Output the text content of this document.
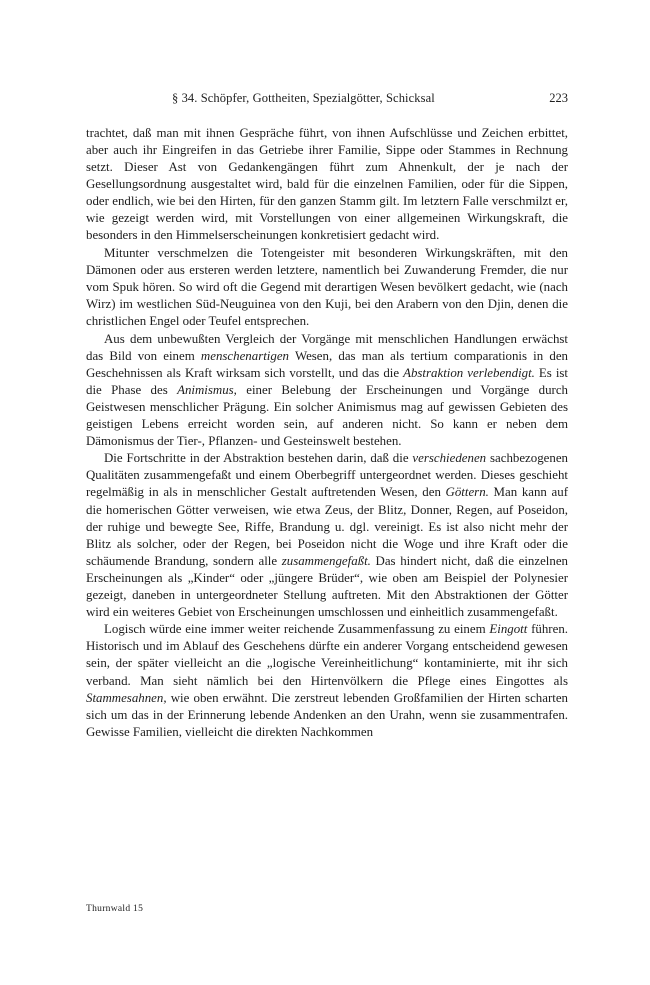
§ 34. Schöpfer, Gottheiten, Spezialgötter, Schicksal	223

trachtet, daß man mit ihnen Gespräche führt, von ihnen Aufschlüsse und Zeichen erbittet, aber auch ihr Eingreifen in das Getriebe ihrer Familie, Sippe oder Stammes in Rechnung setzt. Dieser Ast von Gedankengängen führt zum Ahnenkult, der je nach der Gesellungsordnung ausgestaltet wird, bald für die einzelnen Familien, oder für die Sippen, oder endlich, wie bei den Hirten, für den ganzen Stamm gilt. Im letztern Falle verschmilzt er, wie gezeigt werden wird, mit Vorstellungen von einer allgemeinen Wirkungskraft, die besonders in den Himmelserscheinungen konkretisiert gedacht wird.

Mitunter verschmelzen die Totengeister mit besonderen Wirkungskräften, mit den Dämonen oder aus ersteren werden letztere, namentlich bei Zuwanderung Fremder, die nur vom Spuk hören. So wird oft die Gegend mit derartigen Wesen bevölkert gedacht, wie (nach Wirz) im westlichen Süd-Neuguinea von den Kuji, bei den Arabern von den Djin, denen die christlichen Engel oder Teufel entsprechen.

Aus dem unbewußten Vergleich der Vorgänge mit menschlichen Handlungen erwächst das Bild von einem menschenartigen Wesen, das man als tertium comparationis in den Geschehnissen als Kraft wirksam sich vorstellt, und das die Abstraktion verlebendigt. Es ist die Phase des Animismus, einer Belebung der Erscheinungen und Vorgänge durch Geistwesen menschlicher Prägung. Ein solcher Animismus mag auf gewissen Gebieten des geistigen Lebens erreicht worden sein, auf anderen nicht. So kann er neben dem Dämonismus der Tier-, Pflanzen- und Gesteinswelt bestehen.

Die Fortschritte in der Abstraktion bestehen darin, daß die verschiedenen sachbezogenen Qualitäten zusammengefaßt und einem Oberbegriff untergeordnet werden. Dieses geschieht regelmäßig in als in menschlicher Gestalt auftretenden Wesen, den Göttern. Man kann auf die homerischen Götter verweisen, wie etwa Zeus, der Blitz, Donner, Regen, auf Poseidon, der ruhige und bewegte See, Riffe, Brandung u. dgl. vereinigt. Es ist also nicht mehr der Blitz als solcher, oder der Regen, bei Poseidon nicht die Woge und ihre Kraft oder die schäumende Brandung, sondern alle zusammengefaßt. Das hindert nicht, daß die einzelnen Erscheinungen als „Kinder“ oder „jüngere Brüder“, wie oben am Beispiel der Polynesier gezeigt, daneben in untergeordneter Stellung auftreten. Mit den Abstraktionen der Götter wird ein weiteres Gebiet von Erscheinungen umschlossen und einheitlich zusammengefaßt.

Logisch würde eine immer weiter reichende Zusammenfassung zu einem Eingott führen. Historisch und im Ablauf des Geschehens dürfte ein anderer Vorgang entscheidend gewesen sein, der später vielleicht an die „logische Vereinheitlichung“ kontaminierte, mit ihr sich verband. Man sieht nämlich bei den Hirtenvölkern die Pflege eines Eingottes als Stammesahnen, wie oben erwähnt. Die zerstreut lebenden Großfamilien der Hirten scharten sich um das in der Erinnerung lebende Andenken an den Urahn, wenn sie zusammentrafen. Gewisse Familien, vielleicht die direkten Nachkommen

Thurnwald 15
